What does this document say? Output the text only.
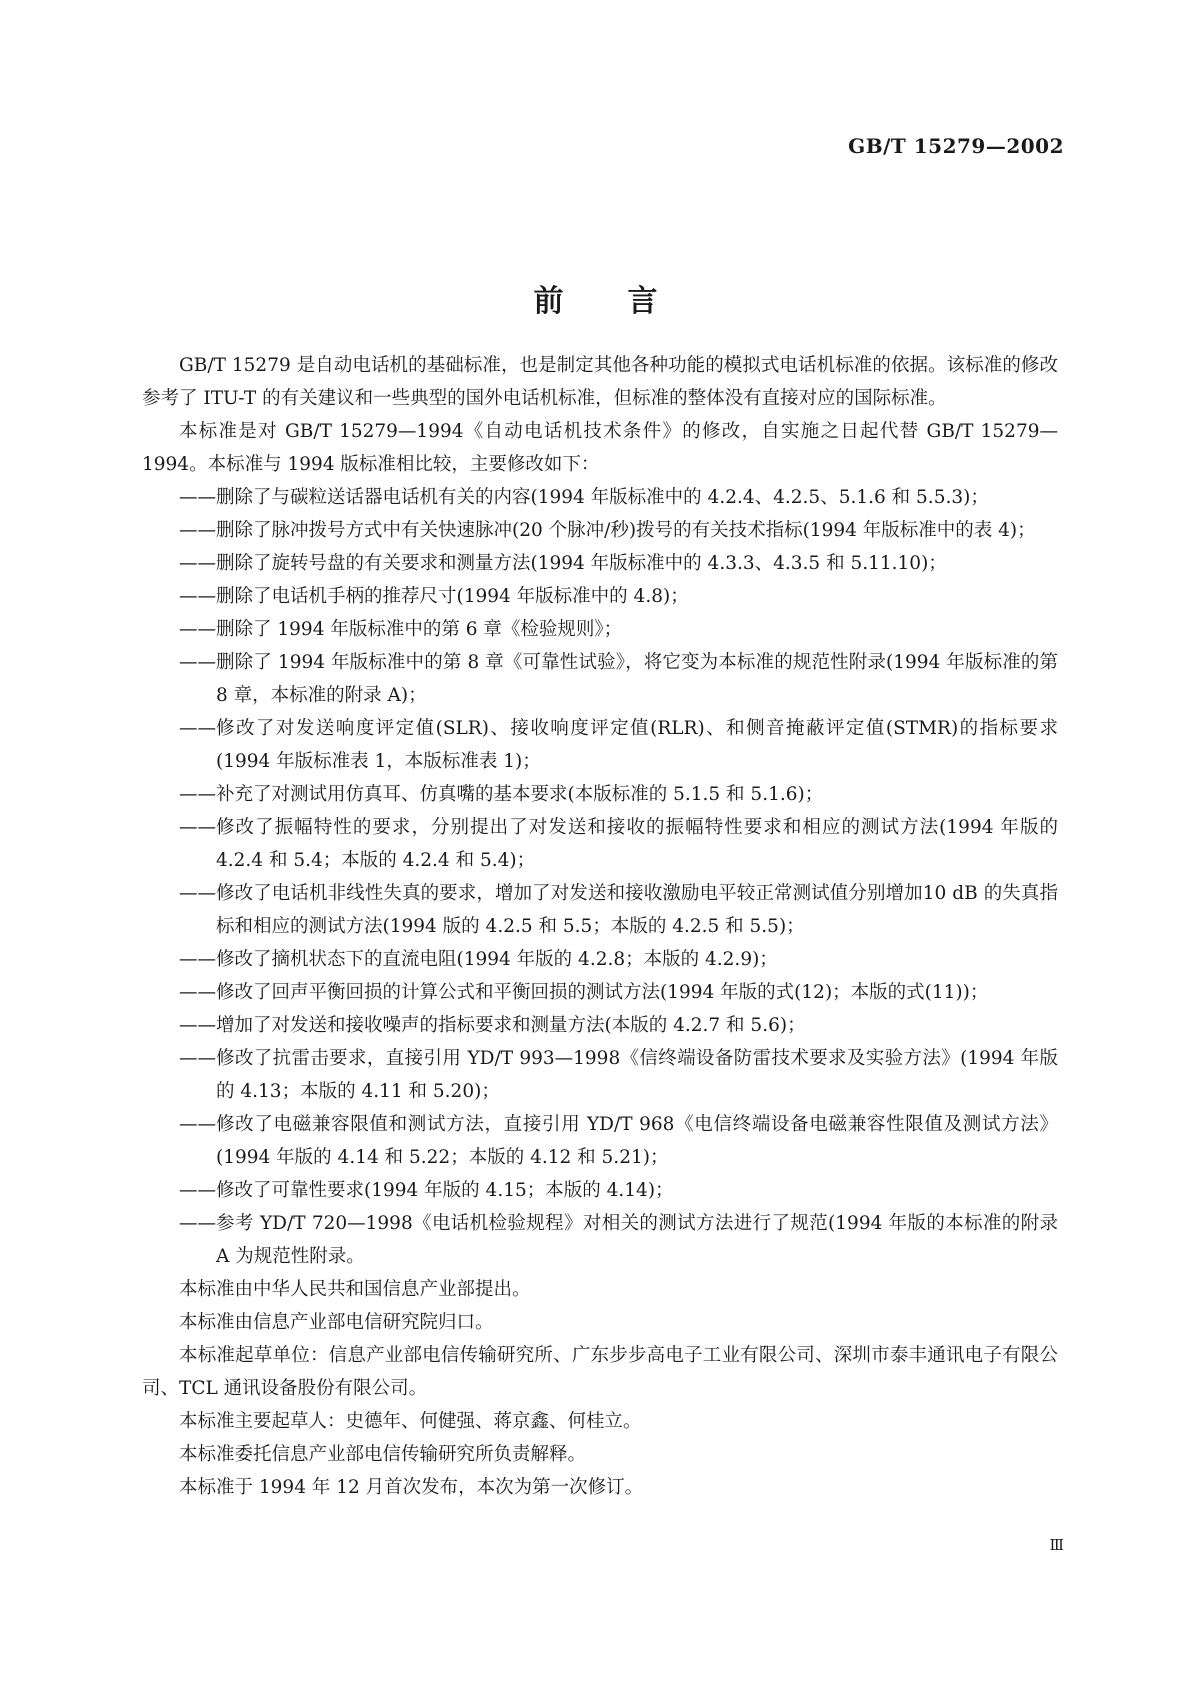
GB/T 15279—2002
前言

GB/T 15279 是自动电话机的基础标准，也是制定其他各种功能的模拟式电话机标准的依据。该标准的修改参考了 ITU-T 的有关建议和一些典型的国外电话机标准，但标准的整体没有直接对应的国际标准。

本标准是对 GB/T 15279—1994《自动电话机技术条件》的修改，自实施之日起代替 GB/T 15279—1994。本标准与 1994 版标准相比较，主要修改如下：

—— 删除了与碳粒送话器电话机有关的内容(1994 年版标准中的 4.2.4、4.2.5、5.1.6 和 5.5.3)；
—— 删除了脉冲拨号方式中有关快速脉冲(20 个脉冲/秒)拨号的有关技术指标(1994 年版标准中的表 4)；
—— 删除了旋转号盘的有关要求和测量方法(1994 年版标准中的 4.3.3、4.3.5 和 5.11.10)；
—— 删除了电话机手柄的推荐尺寸(1994 年版标准中的 4.8)；
—— 删除了 1994 年版标准中的第 6 章《检验规则》；
—— 删除了 1994 年版标准中的第 8 章《可靠性试验》，将它变为本标准的规范性附录(1994 年版标准的第 8 章，本标准的附录 A)；
—— 修改了对发送响度评定值(SLR)、接收响度评定值(RLR)、和侧音掩蔽评定值(STMR)的指标要求(1994 年版标准表 1，本版标准表 1)；
—— 补充了对测试用仿真耳、仿真嘴的基本要求(本版标准的 5.1.5 和 5.1.6)；
—— 修改了振幅特性的要求，分别提出了对发送和接收的振幅特性要求和相应的测试方法(1994 年版的 4.2.4 和 5.4；本版的 4.2.4 和 5.4)；
—— 修改了电话机非线性失真的要求，增加了对发送和接收激励电平较正常测试值分别增加10 dB 的失真指标和相应的测试方法(1994 版的 4.2.5 和 5.5；本版的 4.2.5 和 5.5)；
—— 修改了摘机状态下的直流电阻(1994 年版的 4.2.8；本版的 4.2.9)；
—— 修改了回声平衡回损的计算公式和平衡回损的测试方法(1994 年版的式(12)；本版的式(11))；
—— 增加了对发送和接收噪声的指标要求和测量方法(本版的 4.2.7 和 5.6)；
—— 修改了抗雷击要求，直接引用 YD/T 993—1998《信终端设备防雷技术要求及实验方法》(1994 年版的 4.13；本版的 4.11 和 5.20)；
—— 修改了电磁兼容限值和测试方法，直接引用 YD/T 968《电信终端设备电磁兼容性限值及测试方法》(1994 年版的 4.14 和 5.22；本版的 4.12 和 5.21)；
—— 修改了可靠性要求(1994 年版的 4.15；本版的 4.14)；
—— 参考 YD/T 720—1998《电话机检验规程》对相关的测试方法进行了规范(1994 年版的本标准的附录 A 为规范性附录。

本标准由中华人民共和国信息产业部提出。

本标准由信息产业部电信研究院归口。

本标准起草单位：信息产业部电信传输研究所、广东步步高电子工业有限公司、深圳市泰丰通讯电子有限公司、TCL 通讯设备股份有限公司。

本标准主要起草人：史德年、何健强、蒋京鑫、何桂立。

本标准委托信息产业部电信传输研究所负责解释。

本标准于 1994 年 12 月首次发布，本次为第一次修订。

Ⅲ
